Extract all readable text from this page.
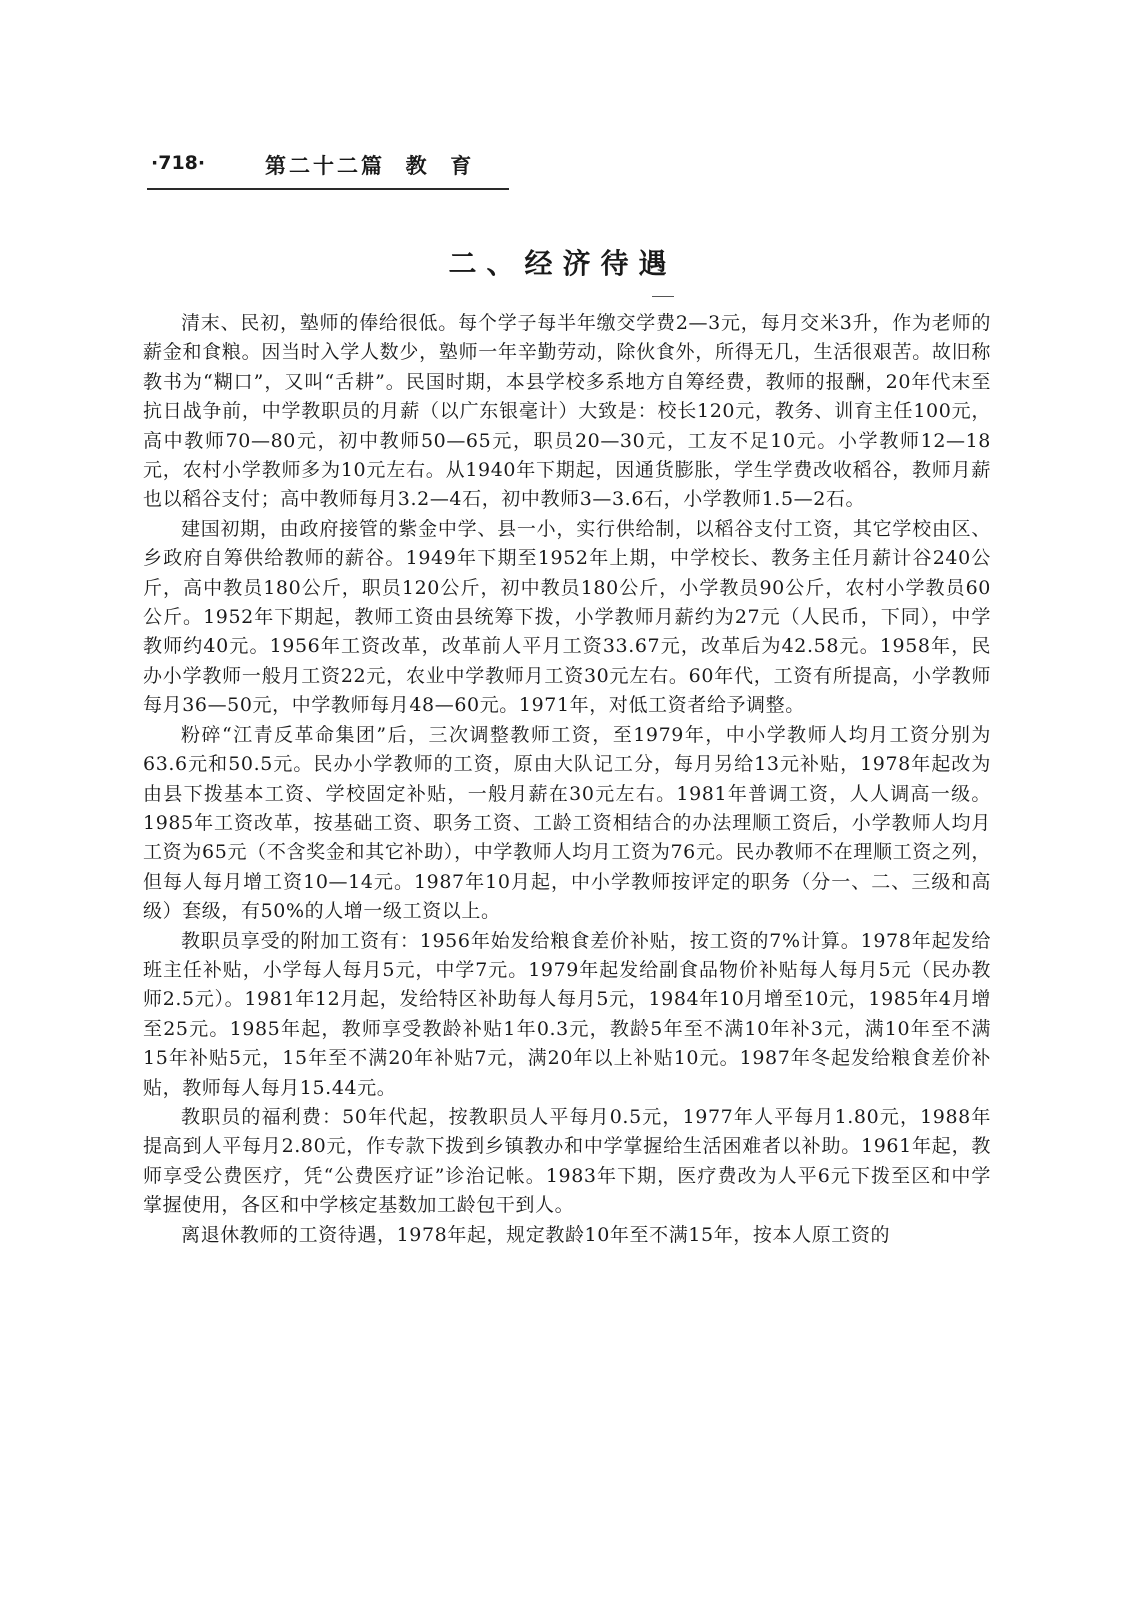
·718·	第二十二篇  教  育
二、经济待遇

清末、民初，塾师的俸给很低。每个学子每半年缴交学费2—3元，每月交米3升，作为老师的薪金和食粮。因当时入学人数少，塾师一年辛勤劳动，除伙食外，所得无几，生活很艰苦。故旧称教书为“糊口”，又叫“舌耕”。民国时期，本县学校多系地方自筹经费，教师的报酬，20年代末至抗日战争前，中学教职员的月薪（以广东银毫计）大致是：校长120元，教务、训育主任100元，高中教师70—80元，初中教师50—65元，职员20—30元，工友不足10元。小学教师12—18元，农村小学教师多为10元左右。从1940年下期起，因通货膨胀，学生学费改收稻谷，教师月薪也以稻谷支付；高中教师每月3.2—4石，初中教师3—3.6石，小学教师1.5—2石。

建国初期，由政府接管的紫金中学、县一小，实行供给制，以稻谷支付工资，其它学校由区、乡政府自筹供给教师的薪谷。1949年下期至1952年上期，中学校长、教务主任月薪计谷240公斤，高中教员180公斤，职员120公斤，初中教员180公斤，小学教员90公斤，农村小学教员60公斤。1952年下期起，教师工资由县统筹下拨，小学教师月薪约为27元（人民币，下同），中学教师约40元。1956年工资改革，改革前人平月工资33.67元，改革后为42.58元。1958年，民办小学教师一般月工资22元，农业中学教师月工资30元左右。60年代，工资有所提高，小学教师每月36—50元，中学教师每月48—60元。1971年，对低工资者给予调整。

粉碎“江青反革命集团”后，三次调整教师工资，至1979年，中小学教师人均月工资分别为63.6元和50.5元。民办小学教师的工资，原由大队记工分，每月另给13元补贴，1978年起改为由县下拨基本工资、学校固定补贴，一般月薪在30元左右。1981年普调工资，人人调高一级。1985年工资改革，按基础工资、职务工资、工龄工资相结合的办法理顺工资后，小学教师人均月工资为65元（不含奖金和其它补助），中学教师人均月工资为76元。民办教师不在理顺工资之列，但每人每月增工资10—14元。1987年10月起，中小学教师按评定的职务（分一、二、三级和高级）套级，有50%的人增一级工资以上。

教职员享受的附加工资有：1956年始发给粮食差价补贴，按工资的7%计算。1978年起发给班主任补贴，小学每人每月5元，中学7元。1979年起发给副食品物价补贴每人每月5元（民办教师2.5元）。1981年12月起，发给特区补助每人每月5元，1984年10月增至10元，1985年4月增至25元。1985年起，教师享受教龄补贴1年0.3元，教龄5年至不满10年补3元，满10年至不满15年补贴5元，15年至不满20年补贴7元，满20年以上补贴10元。1987年冬起发给粮食差价补贴，教师每人每月15.44元。

教职员的福利费：50年代起，按教职员人平每月0.5元，1977年人平每月1.80元，1988年提高到人平每月2.80元，作专款下拨到乡镇教办和中学掌握给生活困难者以补助。1961年起，教师享受公费医疗，凭“公费医疗证”诊治记帐。1983年下期，医疗费改为人平6元下拨至区和中学掌握使用，各区和中学核定基数加工龄包干到人。

离退休教师的工资待遇，1978年起，规定教龄10年至不满15年，按本人原工资的
